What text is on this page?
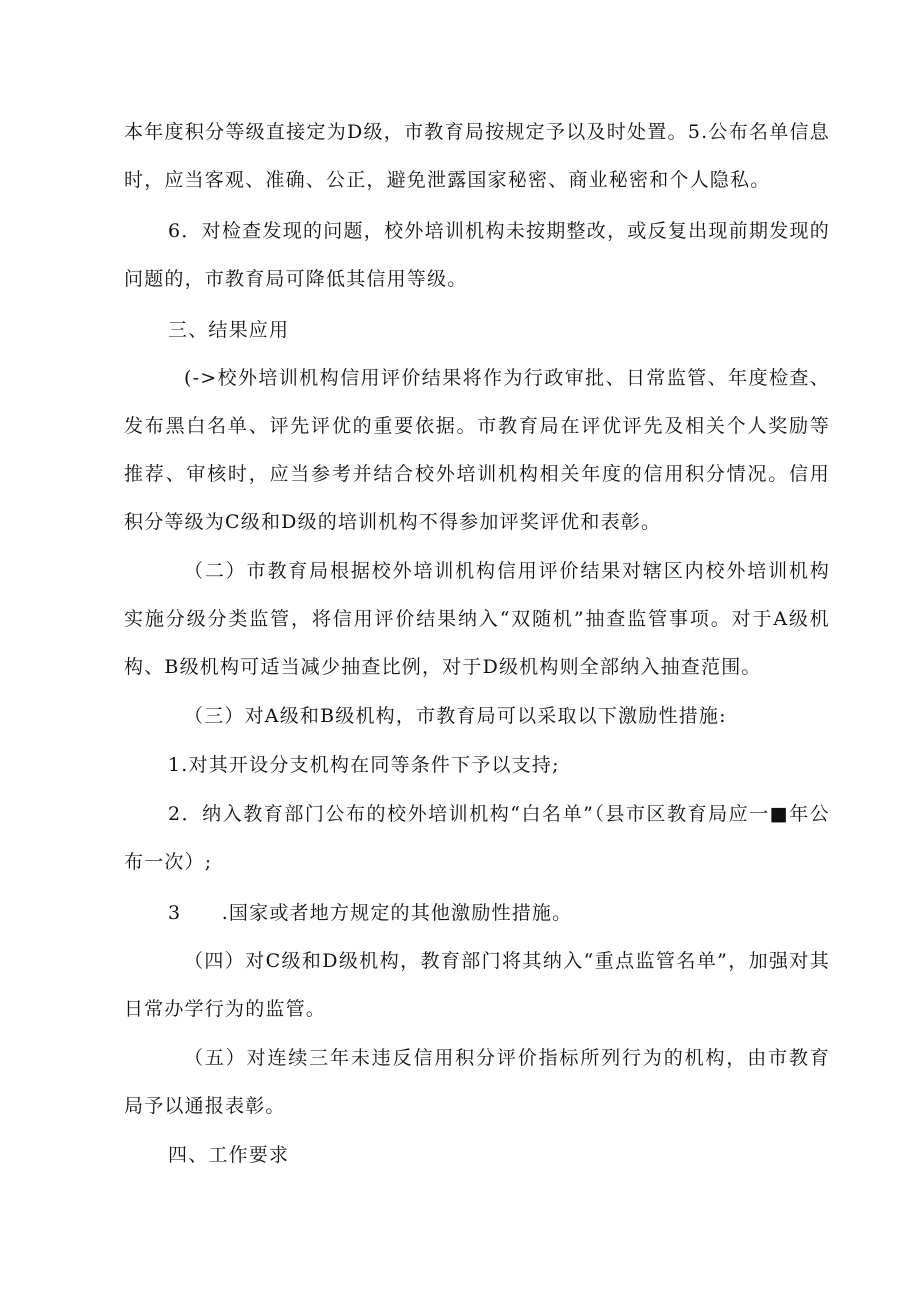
本年度积分等级直接定为D级，市教育局按规定予以及时处置。5.公布名单信息时，应当客观、准确、公正，避免泄露国家秘密、商业秘密和个人隐私。

6．对检查发现的问题，校外培训机构未按期整改，或反复出现前期发现的问题的，市教育局可降低其信用等级。

三、结果应用

(->校外培训机构信用评价结果将作为行政审批、日常监管、年度检查、发布黑白名单、评先评优的重要依据。市教育局在评优评先及相关个人奖励等推荐、审核时，应当参考并结合校外培训机构相关年度的信用积分情况。信用积分等级为C级和D级的培训机构不得参加评奖评优和表彰。

（二）市教育局根据校外培训机构信用评价结果对辖区内校外培训机构实施分级分类监管，将信用评价结果纳入“双随机”抽查监管事项。对于A级机构、B级机构可适当减少抽查比例，对于D级机构则全部纳入抽查范围。

（三）对A级和B级机构，市教育局可以采取以下激励性措施:

1.对其开设分支机构在同等条件下予以支持;

2．纳入教育部门公布的校外培训机构“白名单”（县市区教育局应一■年公布一次）;

3　　.国家或者地方规定的其他激励性措施。

（四）对C级和D级机构，教育部门将其纳入“重点监管名单”，加强对其日常办学行为的监管。

（五）对连续三年未违反信用积分评价指标所列行为的机构，由市教育局予以通报表彰。

四、工作要求
